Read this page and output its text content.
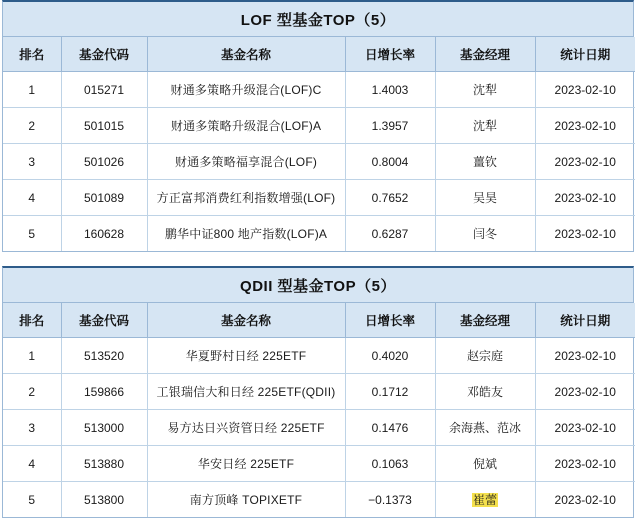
LOF 型基金TOP（5）
排名	基金代码	基金名称	日增长率	基金经理	统计日期
1	015271	财通多策略升级混合(LOF)C	1.4003	沈犁	2023-02-10
2	501015	财通多策略升级混合(LOF)A	1.3957	沈犁	2023-02-10
3	501026	财通多策略福享混合(LOF)	0.8004	薑钦	2023-02-10
4	501089	方正富邦消费红利指数增强(LOF)	0.7652	吴昊	2023-02-10
5	160628	鹏华中证800 地产指数(LOF)A	0.6287	闫冬	2023-02-10
QDII 型基金TOP（5）
排名	基金代码	基金名称	日增长率	基金经理	统计日期
1	513520	华夏野村日经 225ETF	0.4020	赵宗庭	2023-02-10
2	159866	工银瑞信大和日经 225ETF(QDII)	0.1712	邓皓友	2023-02-10
3	513000	易方达日兴资管日经 225ETF	0.1476	余海燕、范冰	2023-02-10
4	513880	华安日经 225ETF	0.1063	倪斌	2023-02-10
5	513800	南方顶峰 TOPIXETF	−0.1373	崔蕾	2023-02-10
